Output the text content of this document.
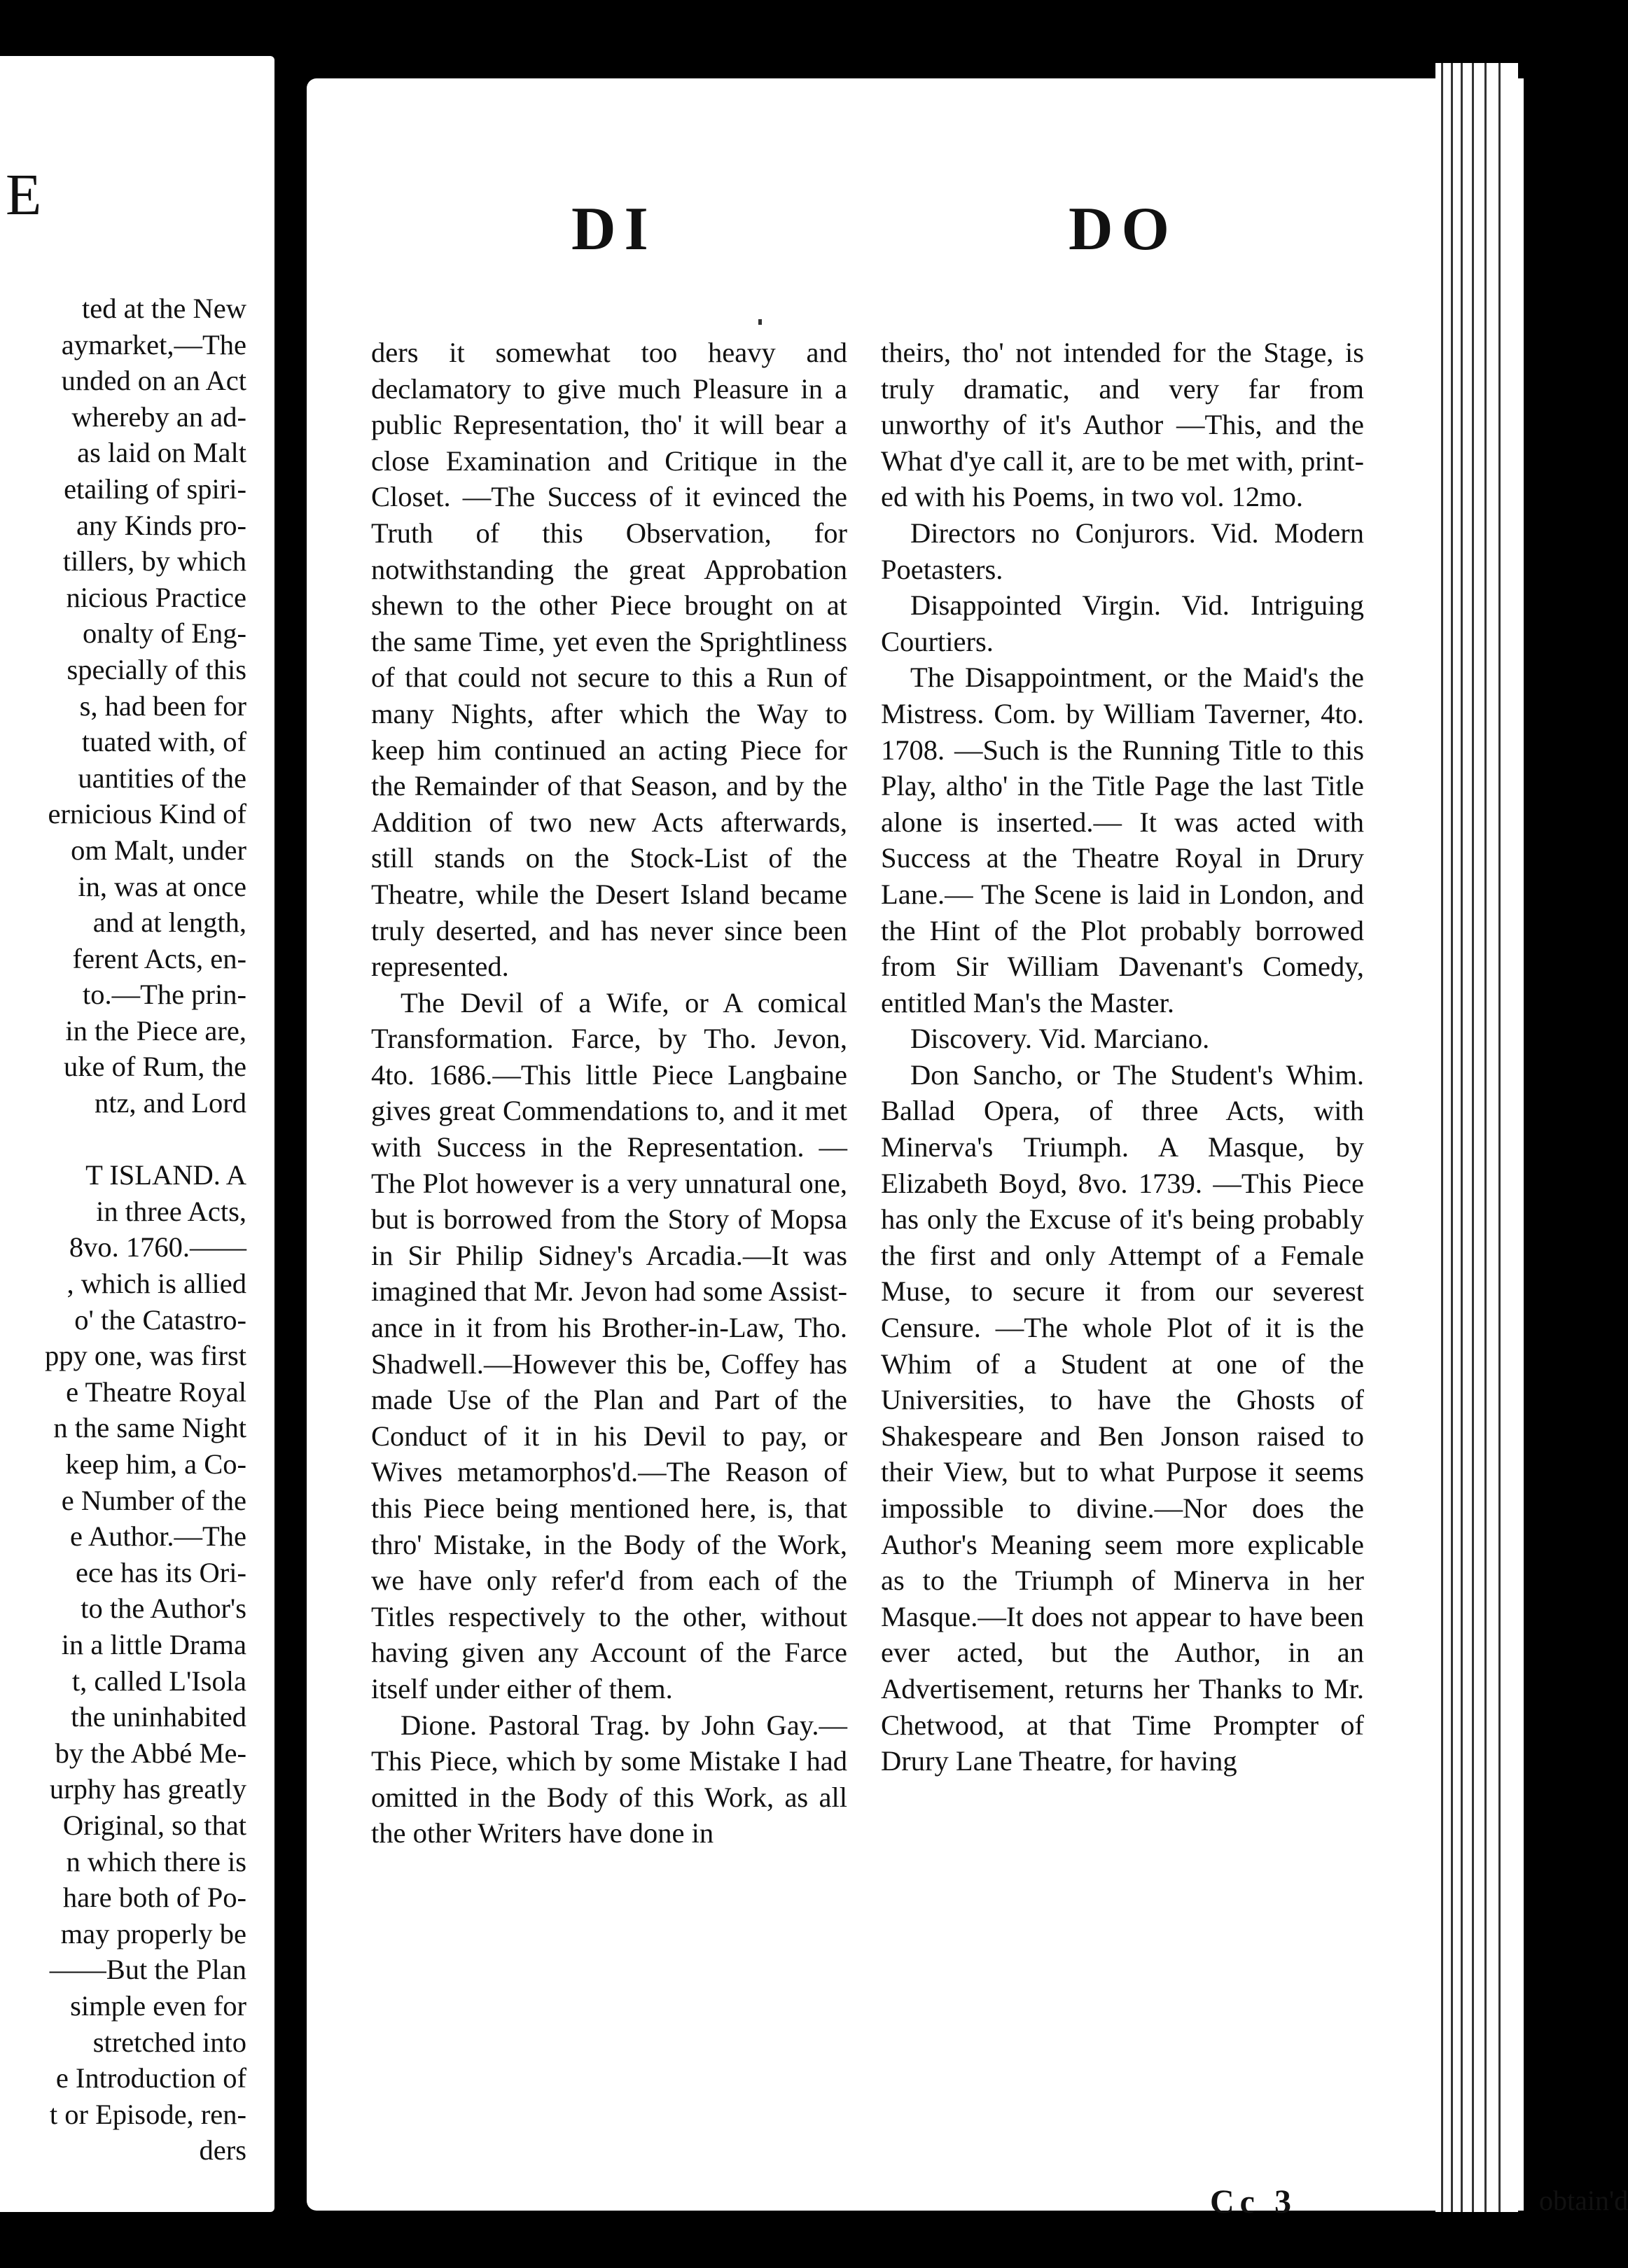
E
ted at the New
aymarket,—The
unded on an Act
whereby an ad-
as laid on Malt
etailing of spiri-
any Kinds pro-
tillers, by which
nicious Practice
onalty of Eng-
specially of this
s, had been for
tuated with, of
uantities of the
ernicious Kind of
om Malt, under
in, was at once
and at length,
ferent Acts, en-
to.—The prin-
in the Piece are,
uke of Rum, the
ntz, and Lord

T ISLAND. A
in three Acts,
8vo. 1760.——
, which is allied
o' the Catastro-
ppy one, was first
e Theatre Royal
n the same Night
keep him, a Co-
e Number of the
e Author.—The
ece has its Ori-
to the Author's
in a little Drama
t, called L'Isola
the uninhabited
by the Abbé Me-
urphy has greatly
Original, so that
n which there is
hare both of Po-
may properly be
——But the Plan
simple even for
stretched into
e Introduction of
t or Episode, ren-
ders
DI	DO

ders it somewhat too heavy and declamatory to give much Pleasure in a public Representation, tho' it will bear a close Examination and Critique in the Closet. —The Success of it evinced the Truth of this Observation, for notwithstanding the great Approbation shewn to the other Piece brought on at the same Time, yet even the Sprightliness of that could not secure to this a Run of many Nights, after which the Way to keep him continued an acting Piece for the Remainder of that Season, and by the Addition of two new Acts afterwards, still stands on the Stock-List of the Theatre, while the Desert Island became truly deserted, and has never since been represented.

The Devil of a Wife, or A comical Transformation. Farce, by Tho. Jevon, 4to. 1686.—This little Piece Langbaine gives great Commendations to, and it met with Success in the Representation. —The Plot however is a very unnatural one, but is borrowed from the Story of Mopsa in Sir Philip Sidney's Arcadia.—It was imagined that Mr. Jevon had some Assistance in it from his Brother-in-Law, Tho. Shadwell.—However this be, Coffey has made Use of the Plan and Part of the Conduct of it in his Devil to pay, or Wives metamorphos'd.—The Reason of this Piece being mentioned here, is, that thro' Mistake, in the Body of the Work, we have only refer'd from each of the Titles respectively to the other, without having given any Account of the Farce itself under either of them.

Dione. Pastoral Trag. by John Gay.—This Piece, which by some Mistake I had omitted in the Body of this Work, as all the other Writers have done in

theirs, tho' not intended for the Stage, is truly dramatic, and very far from unworthy of it's Author —This, and the What d'ye call it, are to be met with, printed with his Poems, in two vol. 12mo.

Directors no Conjurors. Vid. Modern Poetasters.

Disappointed Virgin. Vid. Intriguing Courtiers.

The Disappointment, or the Maid's the Mistress. Com. by William Taverner, 4to. 1708. —Such is the Running Title to this Play, altho' in the Title Page the last Title alone is inserted.— It was acted with Success at the Theatre Royal in Drury Lane.— The Scene is laid in London, and the Hint of the Plot probably borrowed from Sir William Davenant's Comedy, entitled Man's the Master.

Discovery. Vid. Marciano.

Don Sancho, or The Student's Whim. Ballad Opera, of three Acts, with Minerva's Triumph. A Masque, by Elizabeth Boyd, 8vo. 1739. —This Piece has only the Excuse of it's being probably the first and only Attempt of a Female Muse, to secure it from our severest Censure. —The whole Plot of it is the Whim of a Student at one of the Universities, to have the Ghosts of Shakespeare and Ben Jonson raised to their View, but to what Purpose it seems impossible to divine.—Nor does the Author's Meaning seem more explicable as to the Triumph of Minerva in her Masque.—It does not appear to have been ever acted, but the Author, in an Advertisement, returns her Thanks to Mr. Chetwood, at that Time Prompter of Drury Lane Theatre, for having

Cc 3	obtain'd
